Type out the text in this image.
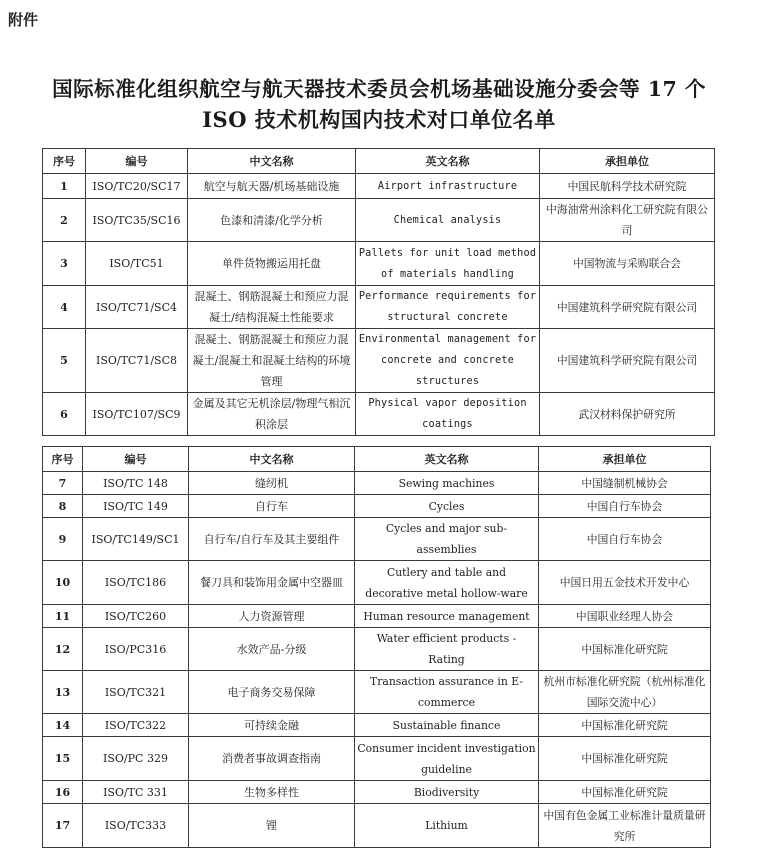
附件
国际标准化组织航空与航天器技术委员会机场基础设施分委会等 17 个
ISO 技术机构国内技术对口单位名单
序号	编号	中文名称	英文名称	承担单位
1	ISO/TC20/SC17	航空与航天器/机场基础设施	Airport infrastructure	中国民航科学技术研究院
2	ISO/TC35/SC16	色漆和清漆/化学分析	Chemical analysis	中海油常州涂料化工研究院有限公司
3	ISO/TC51	单件货物搬运用托盘	Pallets for unit load method of materials handling	中国物流与采购联合会
4	ISO/TC71/SC4	混凝土、钢筋混凝土和预应力混凝土/结构混凝土性能要求	Performance requirements for structural concrete	中国建筑科学研究院有限公司
5	ISO/TC71/SC8	混凝土、钢筋混凝土和预应力混凝土/混凝土和混凝土结构的环境管理	Environmental management for concrete and concrete structures	中国建筑科学研究院有限公司
6	ISO/TC107/SC9	金属及其它无机涂层/物理气相沉积涂层	Physical vapor deposition coatings	武汉材料保护研究所
序号	编号	中文名称	英文名称	承担单位
7	ISO/TC 148	缝纫机	Sewing machines	中国缝制机械协会
8	ISO/TC 149	自行车	Cycles	中国自行车协会
9	ISO/TC149/SC1	自行车/自行车及其主要组件	Cycles and major sub-assemblies	中国自行车协会
10	ISO/TC186	餐刀具和装饰用金属中空器皿	Cutlery and table and decorative metal hollow-ware	中国日用五金技术开发中心
11	ISO/TC260	人力资源管理	Human resource management	中国职业经理人协会
12	ISO/PC316	水效产品-分级	Water efficient products - Rating	中国标准化研究院
13	ISO/TC321	电子商务交易保障	Transaction assurance in E-commerce	杭州市标准化研究院（杭州标准化国际交流中心）
14	ISO/TC322	可持续金融	Sustainable finance	中国标准化研究院
15	ISO/PC 329	消费者事故调查指南	Consumer incident investigation guideline	中国标准化研究院
16	ISO/TC 331	生物多样性	Biodiversity	中国标准化研究院
17	ISO/TC333	锂	Lithium	中国有色金属工业标准计量质量研究所
